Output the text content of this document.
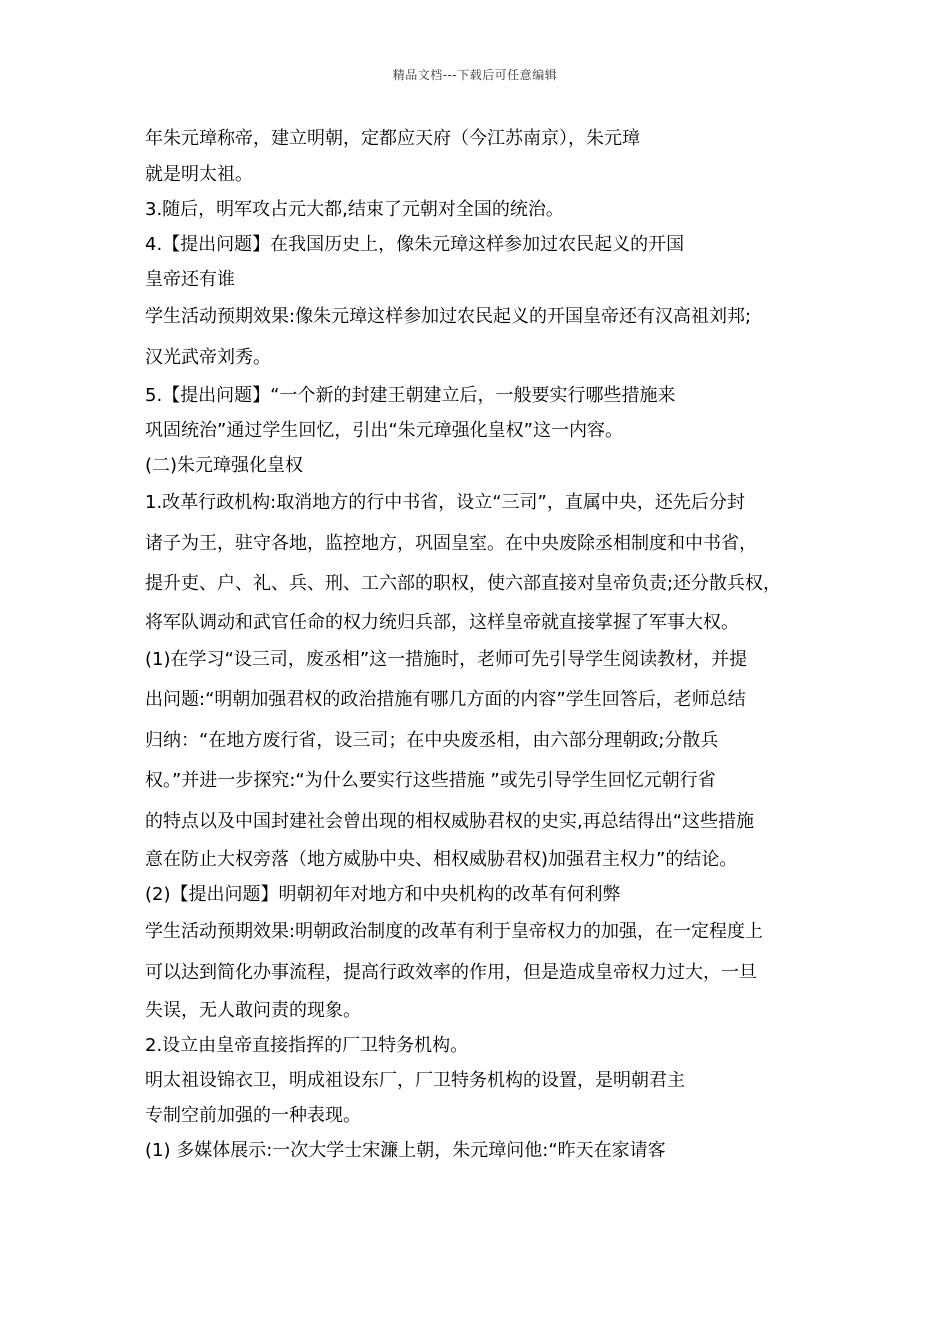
精品文档---下载后可任意编辑
年朱元璋称帝，建立明朝，定都应天府（今江苏南京），朱元璋
就是明太祖。
3.随后，明军攻占元大都,结束了元朝对全国的统治。
4.【提出问题】在我国历史上，像朱元璋这样参加过农民起义的开国
皇帝还有谁
学生活动预期效果:像朱元璋这样参加过农民起义的开国皇帝还有汉高祖刘邦;
汉光武帝刘秀。
5.【提出问题】“一个新的封建王朝建立后，一般要实行哪些措施来
巩固统治”通过学生回忆，引出“朱元璋强化皇权”这一内容。
(二)朱元璋强化皇权
1.改革行政机构:取消地方的行中书省，设立“三司”，直属中央，还先后分封
诸子为王，驻守各地，监控地方，巩固皇室。在中央废除丞相制度和中书省，
提升吏、户、礼、兵、刑、工六部的职权，使六部直接对皇帝负责;还分散兵权，
将军队调动和武官任命的权力统归兵部，这样皇帝就直接掌握了军事大权。
(1)在学习“设三司，废丞相”这一措施时，老师可先引导学生阅读教材，并提
出问题:“明朝加强君权的政治措施有哪几方面的内容”学生回答后，老师总结
归纳：“在地方废行省，设三司；在中央废丞相，由六部分理朝政;分散兵
权。”并进一步探究:“为什么要实行这些措施 ”或先引导学生回忆元朝行省
的特点以及中国封建社会曾出现的相权威胁君权的史实,再总结得出“这些措施
意在防止大权旁落（地方威胁中央、相权威胁君权)加强君主权力”的结论。
(2)【提出问题】明朝初年对地方和中央机构的改革有何利弊
学生活动预期效果:明朝政治制度的改革有利于皇帝权力的加强，在一定程度上
可以达到简化办事流程，提高行政效率的作用，但是造成皇帝权力过大，一旦
失误，无人敢问责的现象。
2.设立由皇帝直接指挥的厂卫特务机构。
明太祖设锦衣卫，明成祖设东厂，厂卫特务机构的设置，是明朝君主
专制空前加强的一种表现。
(1) 多媒体展示:一次大学士宋濂上朝，朱元璋问他:“昨天在家请客
